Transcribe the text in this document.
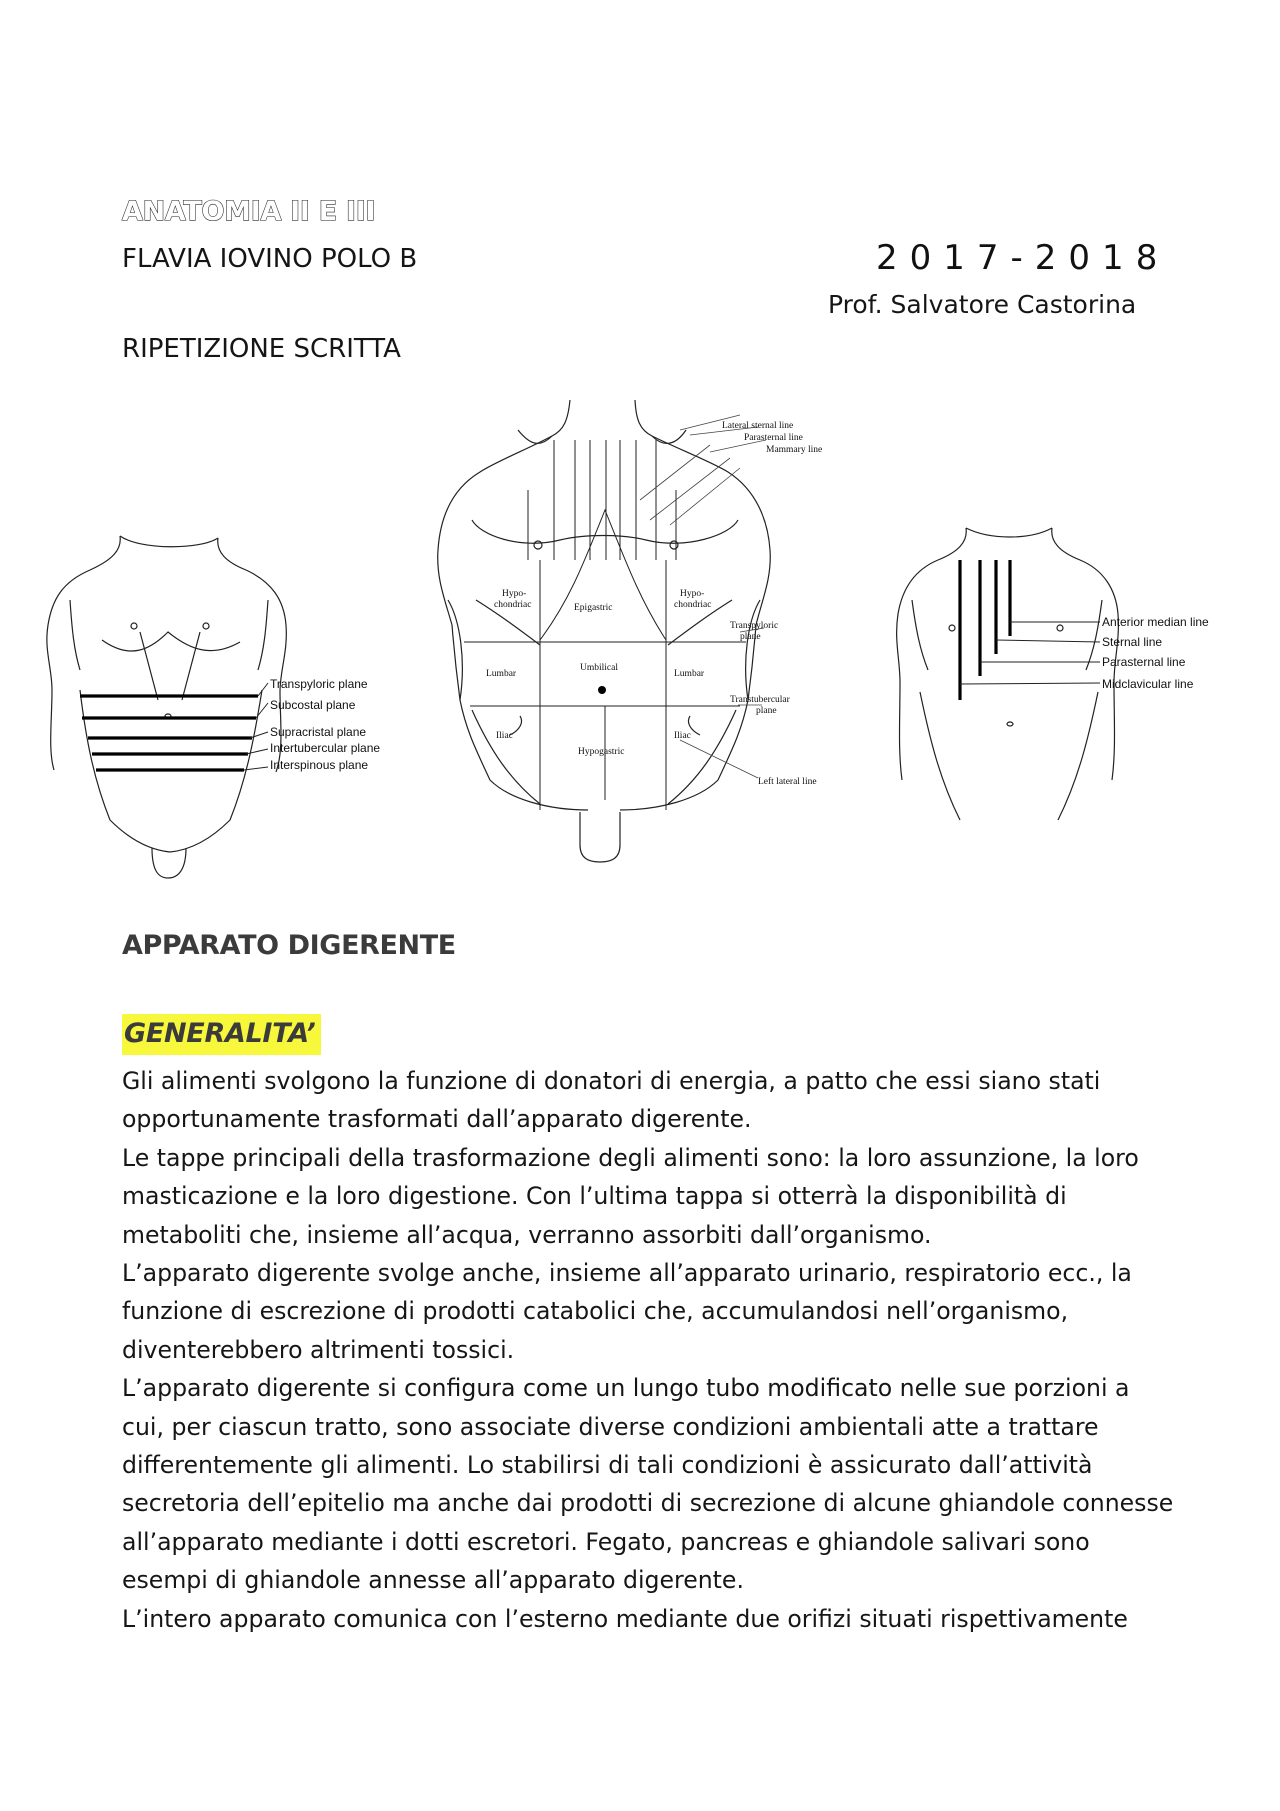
ANATOMIA II E III
FLAVIA IOVINO POLO B	2017-2018
Prof. Salvatore Castorina
RIPETIZIONE SCRITTA
Transpyloric plane
Subcostal plane
Supracristal plane
Intertubercular plane
Interspinous plane
Anterior median line
Sternal line
Parasternal line
Midclavicular line
Lateral sternal line
Parasternal line
Mammary line
Hypo-
chondriac	Epigastric
Hypo-
chondriac
Lumbar
Umbilical
Lumbar
Iliac
Hypogastric
Iliac
Transpyloric
plane
Transtubercular
plane
Left lateral line
APPARATO DIGERENTE
GENERALITA’
Gli alimenti svolgono la funzione di donatori di energia, a patto che essi siano stati
opportunamente trasformati dall’apparato digerente.
Le tappe principali della trasformazione degli alimenti sono: la loro assunzione, la loro
masticazione e la loro digestione. Con l’ultima tappa si otterrà la disponibilità di
metaboliti che, insieme all’acqua, verranno assorbiti dall’organismo.
L’apparato digerente svolge anche, insieme all’apparato urinario, respiratorio ecc., la
funzione di escrezione di prodotti catabolici che, accumulandosi nell’organismo,
diventerebbero altrimenti tossici.
L’apparato digerente si configura come un lungo tubo modificato nelle sue porzioni a
cui, per ciascun tratto, sono associate diverse condizioni ambientali atte a trattare
differentemente gli alimenti. Lo stabilirsi di tali condizioni è assicurato dall’attività
secretoria dell’epitelio ma anche dai prodotti di secrezione di alcune ghiandole connesse
all’apparato mediante i dotti escretori. Fegato, pancreas e ghiandole salivari sono
esempi di ghiandole annesse all’apparato digerente.
L’intero apparato comunica con l’esterno mediante due orifizi situati rispettivamente
